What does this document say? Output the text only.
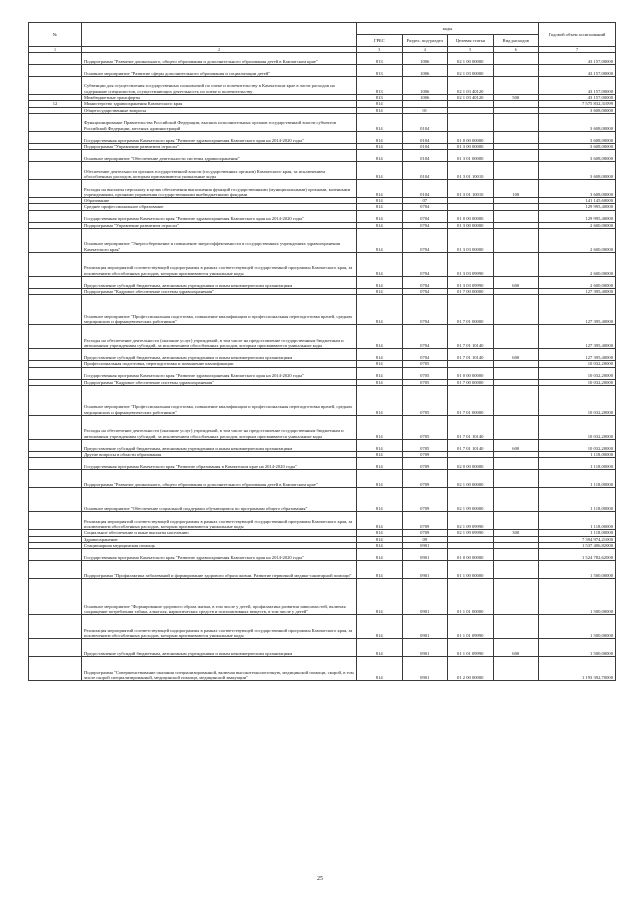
№		коды				Годовой объем ассигнований
		ГРБС	Раздел, под-раздел	Целевая статья	Вид расходов	
1	2	3	4	5	6	7
	Подпрограмма "Развитие дошкольного, общего образования и дополнительного образования детей в Камчатском крае"	813	1006	02 1 00 00000		43 157,00000
	Основное мероприятие "Развитие сферы дополнительного образования и социализации детей"	813	1006	02 1 03 00000		43 157,00000
	Субвенции для осуществления государственных полномочий по опеке и попечительству в Камчатском крае в части расходов на содержание специалистов, осуществляющих деятельность по опеке и попечительству	813	1006	02 1 03 40120		43 157,00000
	Межбюджетные трансферты	813	1006	02 1 03 40120	500	43 157,00000
12	Министерство здравоохранения Камчатского края	814				7 575 832,31099
	Общегосударственные вопросы	814	01			3 608,00000
	Функционирование Правительства Российской Федерации, высших исполнительных органов государственной власти субъектов Российской Федерации, местных администраций	814	0104			3 608,00000
	Государственная программа Камчатского края "Развитие здравоохранения Камчатского края на 2014-2020 годы"	814	0104	01 0 00 00000		3 608,00000
	Подпрограмма "Управление развитием отрасли"	814	0104	01 3 00 00000		3 608,00000
	Основное мероприятие "Обеспечение деятельности системы здравоохранения"	814	0104	01 3 01 00000		3 608,00000
	Обеспечение деятельности органов государственной власти (государственных органов) Камчатского края, за исключением обособленных расходов, которым присваиваются уникальные коды	814	0104	01 3 01 10010		3 608,00000
	Расходы на выплаты персоналу в целях обеспечения выполнения функций государственными (муниципальными) органами, казенными учреждениями, органами управления государственными внебюджетными фондами	814	0104	01 3 01 10010	100	3 608,00000
	Образование	814	07			141 145,60000
	Среднее профессиональное образование	814	0704			129 995,40000
	Государственная программа Камчатского края "Развитие здравоохранения Камчатского края на 2014-2020 годы"	814	0704	01 0 00 00000		129 995,40000
	Подпрограмма "Управление развитием отрасли"	814	0704	01 3 00 00000		2 600,00000
	Основное мероприятие "Энергосбережение и повышение энергоэффективности в государственных учреждениях здравоохранения Камчатского края"	814	0704	01 3 03 00000		2 600,00000
	Реализация мероприятий соответствующей подпрограммы в рамках соответствующей государственной программы Камчатского края, за исключением обособленных расходов, которым присваиваются уникальные коды	814	0704	01 3 03 09990		2 600,00000
	Предоставление субсидий бюджетным, автономным учреждениям и иным некоммерческим организациям	814	0704	01 3 03 09990	600	2 600,00000
	Подпрограмма "Кадровое обеспечение системы здравоохранения"	814	0704	01 7 00 00000		127 395,40000
	Основное мероприятие "Профессиональная подготовка, повышение квалификации и профессиональная переподготовка врачей, средних медицинских и фармацевтических работников"	814	0704	01 7 01 00000		127 395,40000
	Расходы на обеспечение деятельности (оказание услуг) учреждений, в том числе на предоставление государственным бюджетным и автономным учреждениям субсидий, за исключением обособленных расходов, которым присваиваются уникальные коды	814	0704	01 7 01 10140		127 395,40000
	Предоставление субсидий бюджетным, автономным учреждениям и иным некоммерческим организациям	814	0704	01 7 01 10140	600	127 395,40000
	Профессиональная подготовка, переподготовка и повышение квалификации	814	0705			10 032,20000
	Государственная программа Камчатского края "Развитие здравоохранения Камчатского края на 2014-2020 годы"	814	0705	01 0 00 00000		10 032,20000
	Подпрограмма "Кадровое обеспечение системы здравоохранения"	814	0705	01 7 00 00000		10 032,20000
	Основное мероприятие "Профессиональная подготовка, повышение квалификации и профессиональная переподготовка врачей, средних медицинских и фармацевтических работников"	814	0705	01 7 01 00000		10 032,20000
	Расходы на обеспечение деятельности (оказание услуг) учреждений, в том числе на предоставление государственным бюджетным и автономным учреждениям субсидий, за исключением обособленных расходов, которым присваиваются уникальные коды	814	0705	01 7 01 10140		10 032,20000
	Предоставление субсидий бюджетным, автономным учреждениям и иным некоммерческим организациям	814	0705	01 7 01 10140	600	10 032,20000
	Другие вопросы в области образования	814	0709			1 118,00000
	Государственная программа Камчатского края "Развитие образования в Камчатском крае на 2014-2020 годы"	814	0709	02 0 00 00000		1 118,00000
	Подпрограмма "Развитие дошкольного, общего образования и дополнительного образования детей в Камчатском крае"	814	0709	02 1 00 00000		1 118,00000
	Основное мероприятие "Обеспечение социальной поддержки обучающимся по программам общего образования"	814	0709	02 1 09 00000		1 118,00000
	Реализация мероприятий соответствующей подпрограммы в рамках соответствующей государственной программы Камчатского края, за исключением обособленных расходов, которым присваиваются уникальные коды	814	0709	02 1 09 09990		1 118,00000
	Социальное обеспечение и иные выплаты населению	814	0709	02 1 09 09990	300	1 118,00000
	Здравоохранение	814	09			7 394 974,21000
	Стационарная медицинская помощь	814	0901			1 537 406,82000
	Государственная программа Камчатского края "Развитие здравоохранения Камчатского края на 2014-2020 годы"	814	0901	01 0 00 00000		1 524 782,62000
	Подпрограмма "Профилактика заболеваний и формирование здорового образа жизни. Развитие первичной медико-санитарной помощи"	814	0901	01 1 00 00000		1 500,00000
	Основное мероприятие "Формирование здорового образа жизни, в том числе у детей, профилактика развития зависимостей, включая сокращение потребления табака, алкоголя, наркотических средств и психоактивных веществ, в том числе у детей"	814	0901	01 1 01 00000		1 500,00000
	Реализация мероприятий соответствующей подпрограммы в рамках соответствующей государственной программы Камчатского края, за исключением обособленных расходов, которым присваиваются уникальные коды	814	0901	01 1 01 09990		1 500,00000
	Предоставление субсидий бюджетным, автономным учреждениям и иным некоммерческим организациям	814	0901	01 1 01 09990	600	1 500,00000
	Подпрограмма "Совершенствование оказания специализированной, включая высокотехнологичную, медицинской помощи, скорой, в том числе скорой специализированной, медицинской помощи, медицинской эвакуации"	814	0901	01 2 00 00000		1 193 392,70000
25
